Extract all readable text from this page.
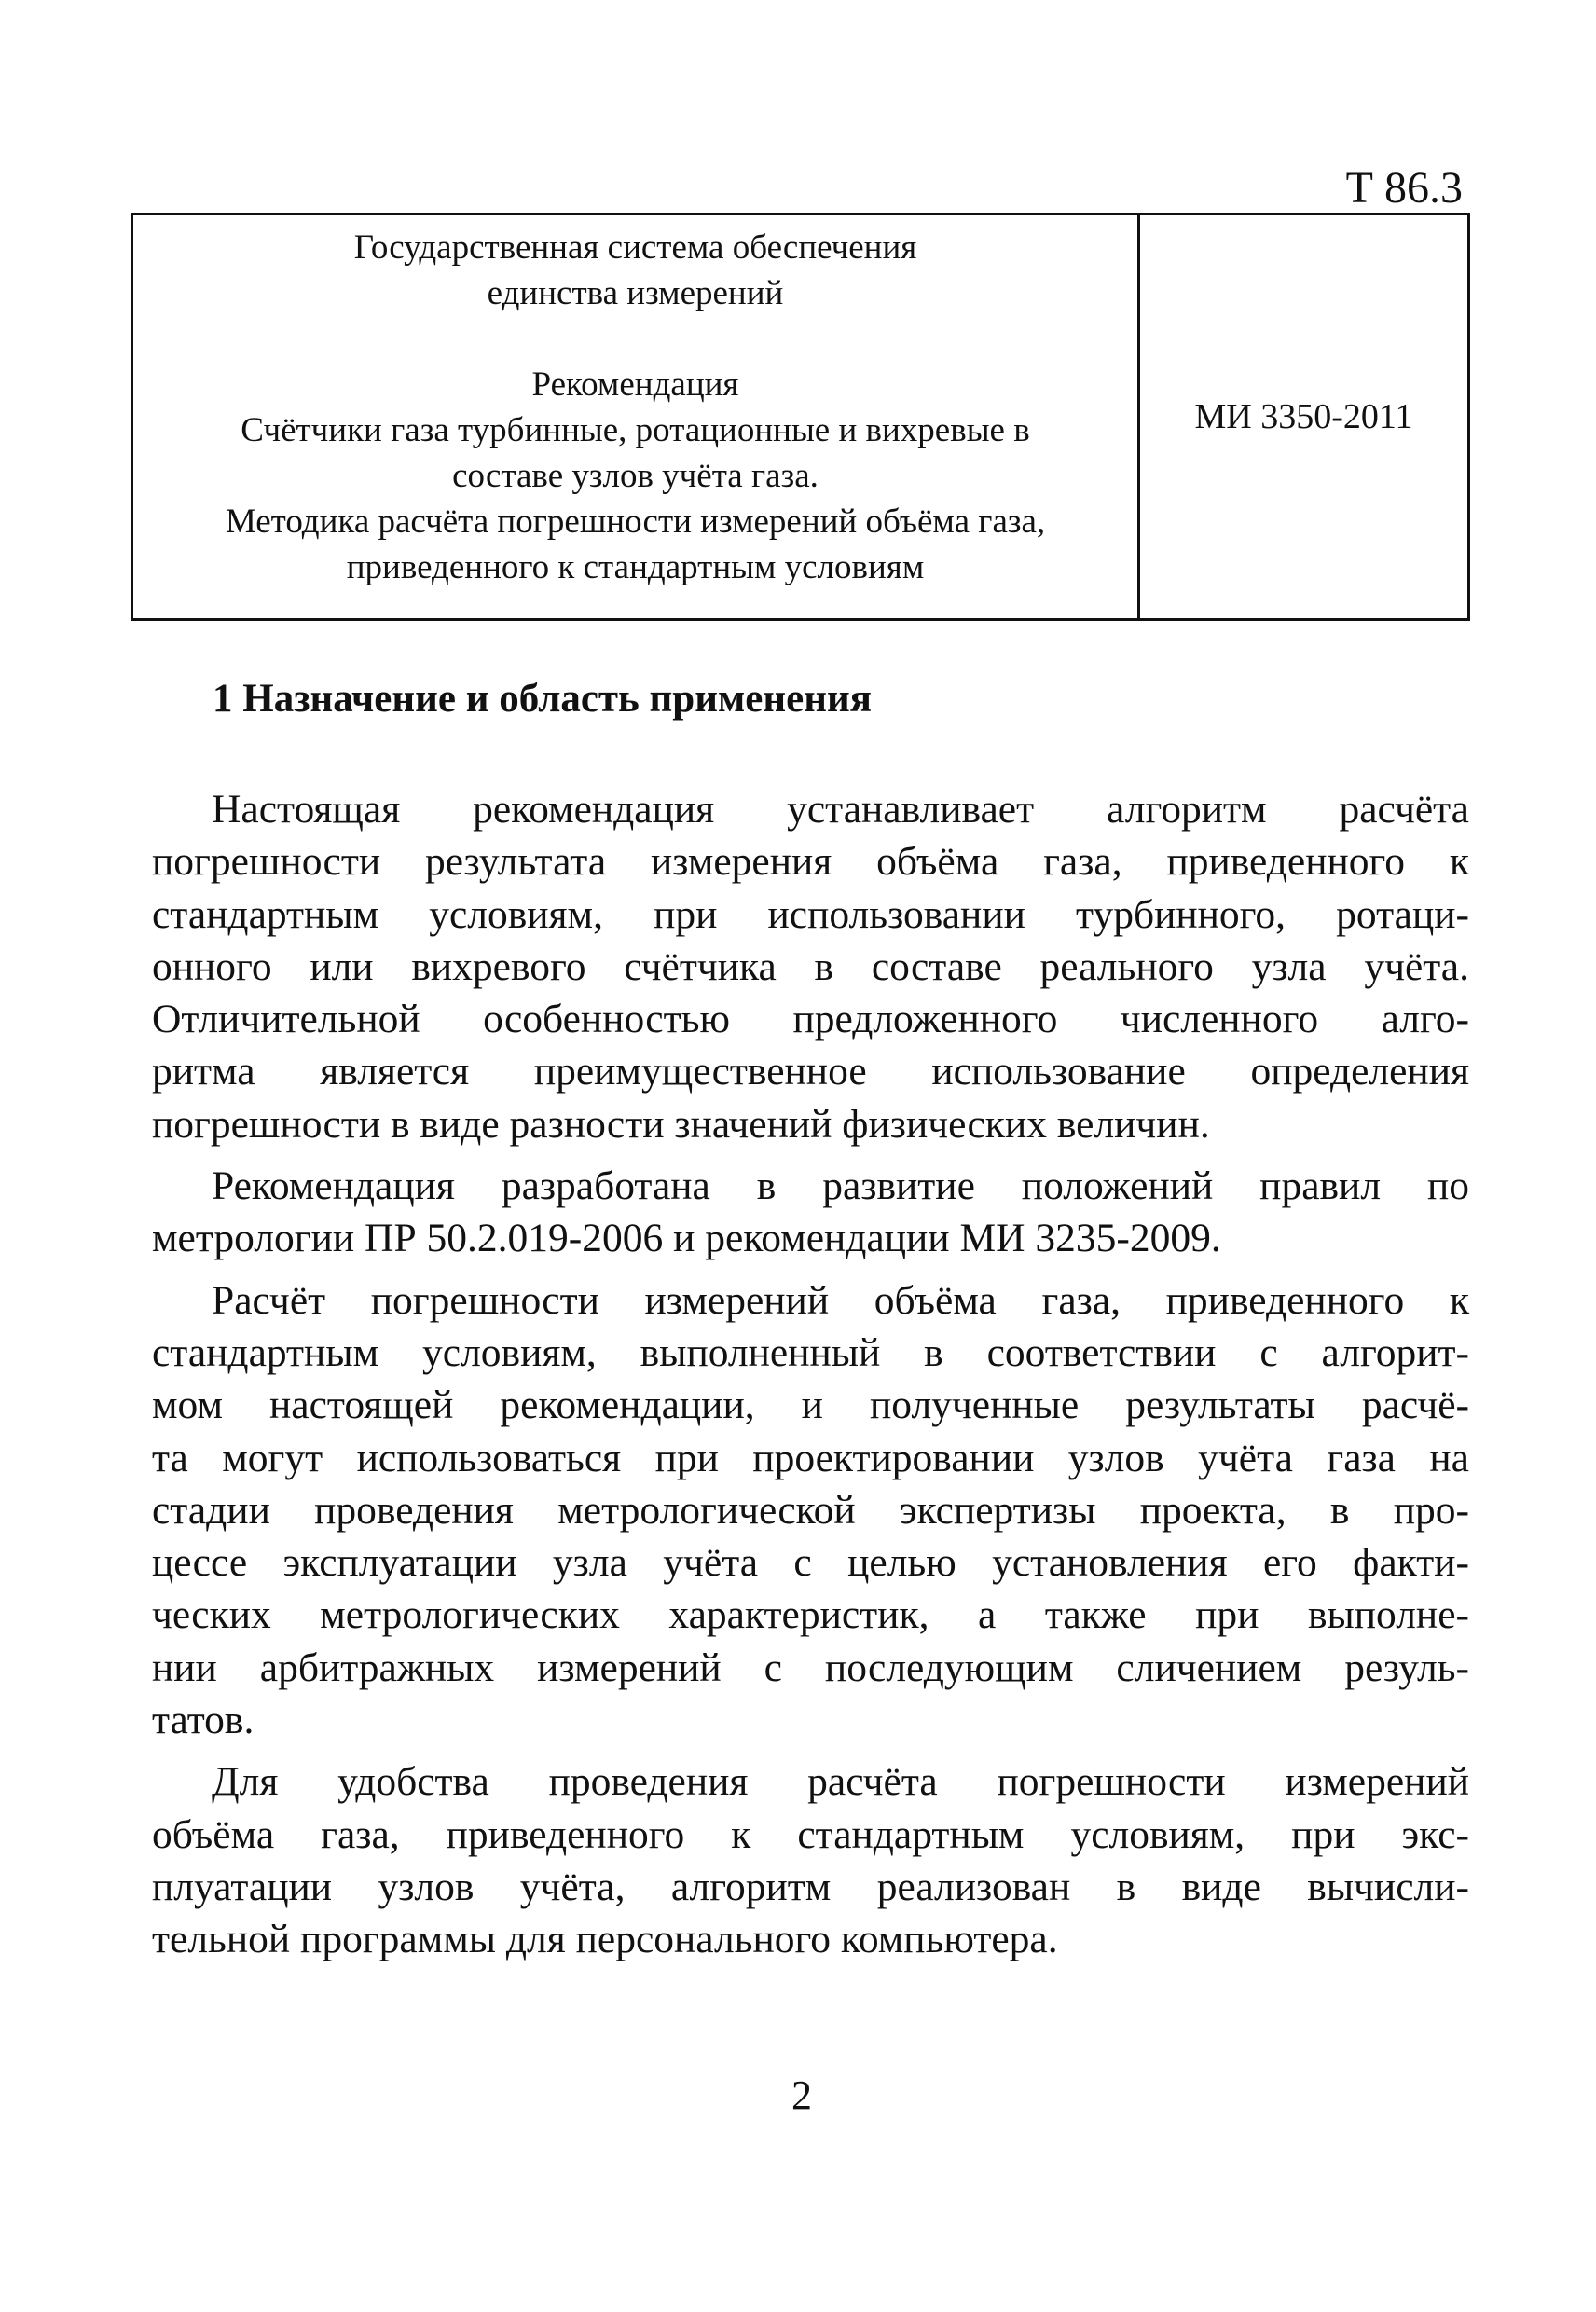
Т 86.3
Государственная система обеспечения
единства измерений
Рекомендация
Счётчики газа турбинные, ротационные и вихревые в
составе узлов учёта газа.
Методика расчёта погрешности измерений объёма газа,
приведенного к стандартным условиям
МИ 3350-2011
1 Назначение и область применения
Настоящая рекомендация устанавливает алгоритм расчёта
погрешности результата измерения объёма газа, приведенного к
стандартным условиям, при использовании турбинного, ротаци-
онного или вихревого счётчика в составе реального узла учёта.
Отличительной особенностью предложенного численного алго-
ритма является преимущественное использование определения
погрешности в виде разности значений физических величин.
Рекомендация разработана в развитие положений правил по
метрологии ПР 50.2.019-2006 и рекомендации МИ 3235-2009.
Расчёт погрешности измерений объёма газа, приведенного к
стандартным условиям, выполненный в соответствии с алгорит-
мом настоящей рекомендации, и полученные результаты расчё-
та могут использоваться при проектировании узлов учёта газа на
стадии проведения метрологической экспертизы проекта, в про-
цессе эксплуатации узла учёта с целью установления его факти-
ческих метрологических характеристик, а также при выполне-
нии арбитражных измерений с последующим сличением резуль-
татов.
Для удобства проведения расчёта погрешности измерений
объёма газа, приведенного к стандартным условиям, при экс-
плуатации узлов учёта, алгоритм реализован в виде вычисли-
тельной программы для персонального компьютера.
2
